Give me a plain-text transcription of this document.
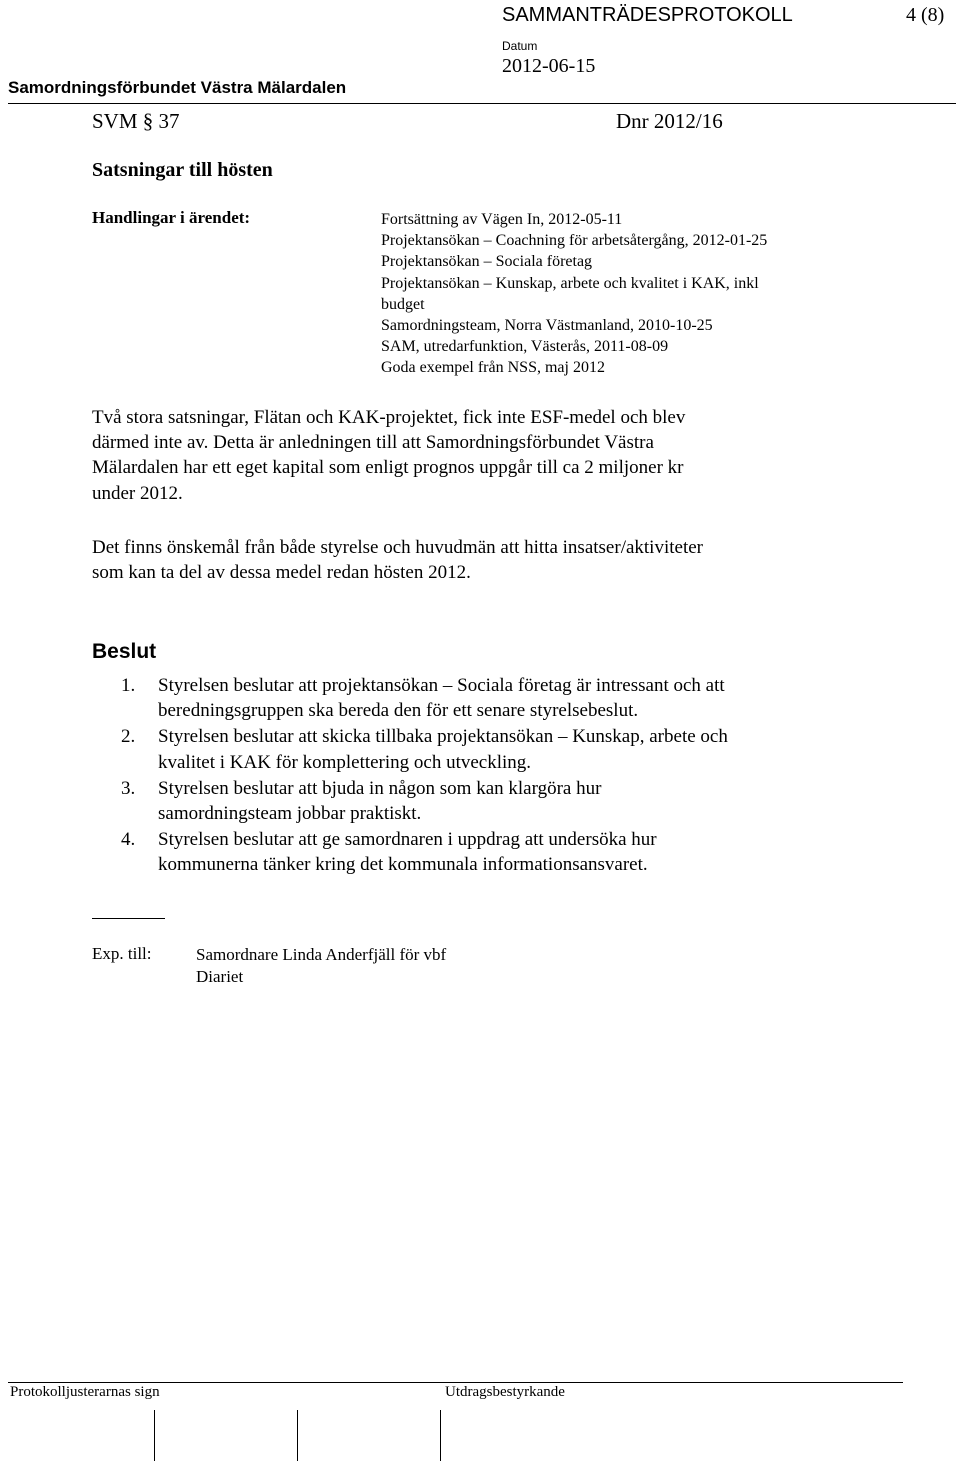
SAMMANTRÄDESPROTOKOLL	4 (8)
Datum
2012-06-15
Samordningsförbundet Västra Mälardalen
SVM § 37	Dnr 2012/16
Satsningar till hösten
Handlingar i ärendet:	Fortsättning av Vägen In, 2012-05-11
Projektansökan – Coachning för arbetsåtergång, 2012-01-25
Projektansökan – Sociala företag
Projektansökan – Kunskap, arbete och kvalitet i KAK, inkl
budget
Samordningsteam, Norra Västmanland, 2010-10-25
SAM, utredarfunktion, Västerås, 2011-08-09
Goda exempel från NSS, maj 2012
Två stora satsningar, Flätan och KAK-projektet, fick inte ESF-medel och blev
därmed inte av. Detta är anledningen till att Samordningsförbundet Västra
Mälardalen har ett eget kapital som enligt prognos uppgår till ca 2 miljoner kr
under 2012.
Det finns önskemål från både styrelse och huvudmän att hitta insatser/aktiviteter
som kan ta del av dessa medel redan hösten 2012.
Beslut
1. Styrelsen beslutar att projektansökan – Sociala företag är intressant och att
beredningsgruppen ska bereda den för ett senare styrelsebeslut.
2. Styrelsen beslutar att skicka tillbaka projektansökan – Kunskap, arbete och
kvalitet i KAK för komplettering och utveckling.
3. Styrelsen beslutar att bjuda in någon som kan klargöra hur
samordningsteam jobbar praktiskt.
4. Styrelsen beslutar att ge samordnaren i uppdrag att undersöka hur
kommunerna tänker kring det kommunala informationsansvaret.
Exp. till:	Samordnare Linda Anderfjäll för vbf
Diariet
Protokolljusterarnas sign	Utdragsbestyrkande
